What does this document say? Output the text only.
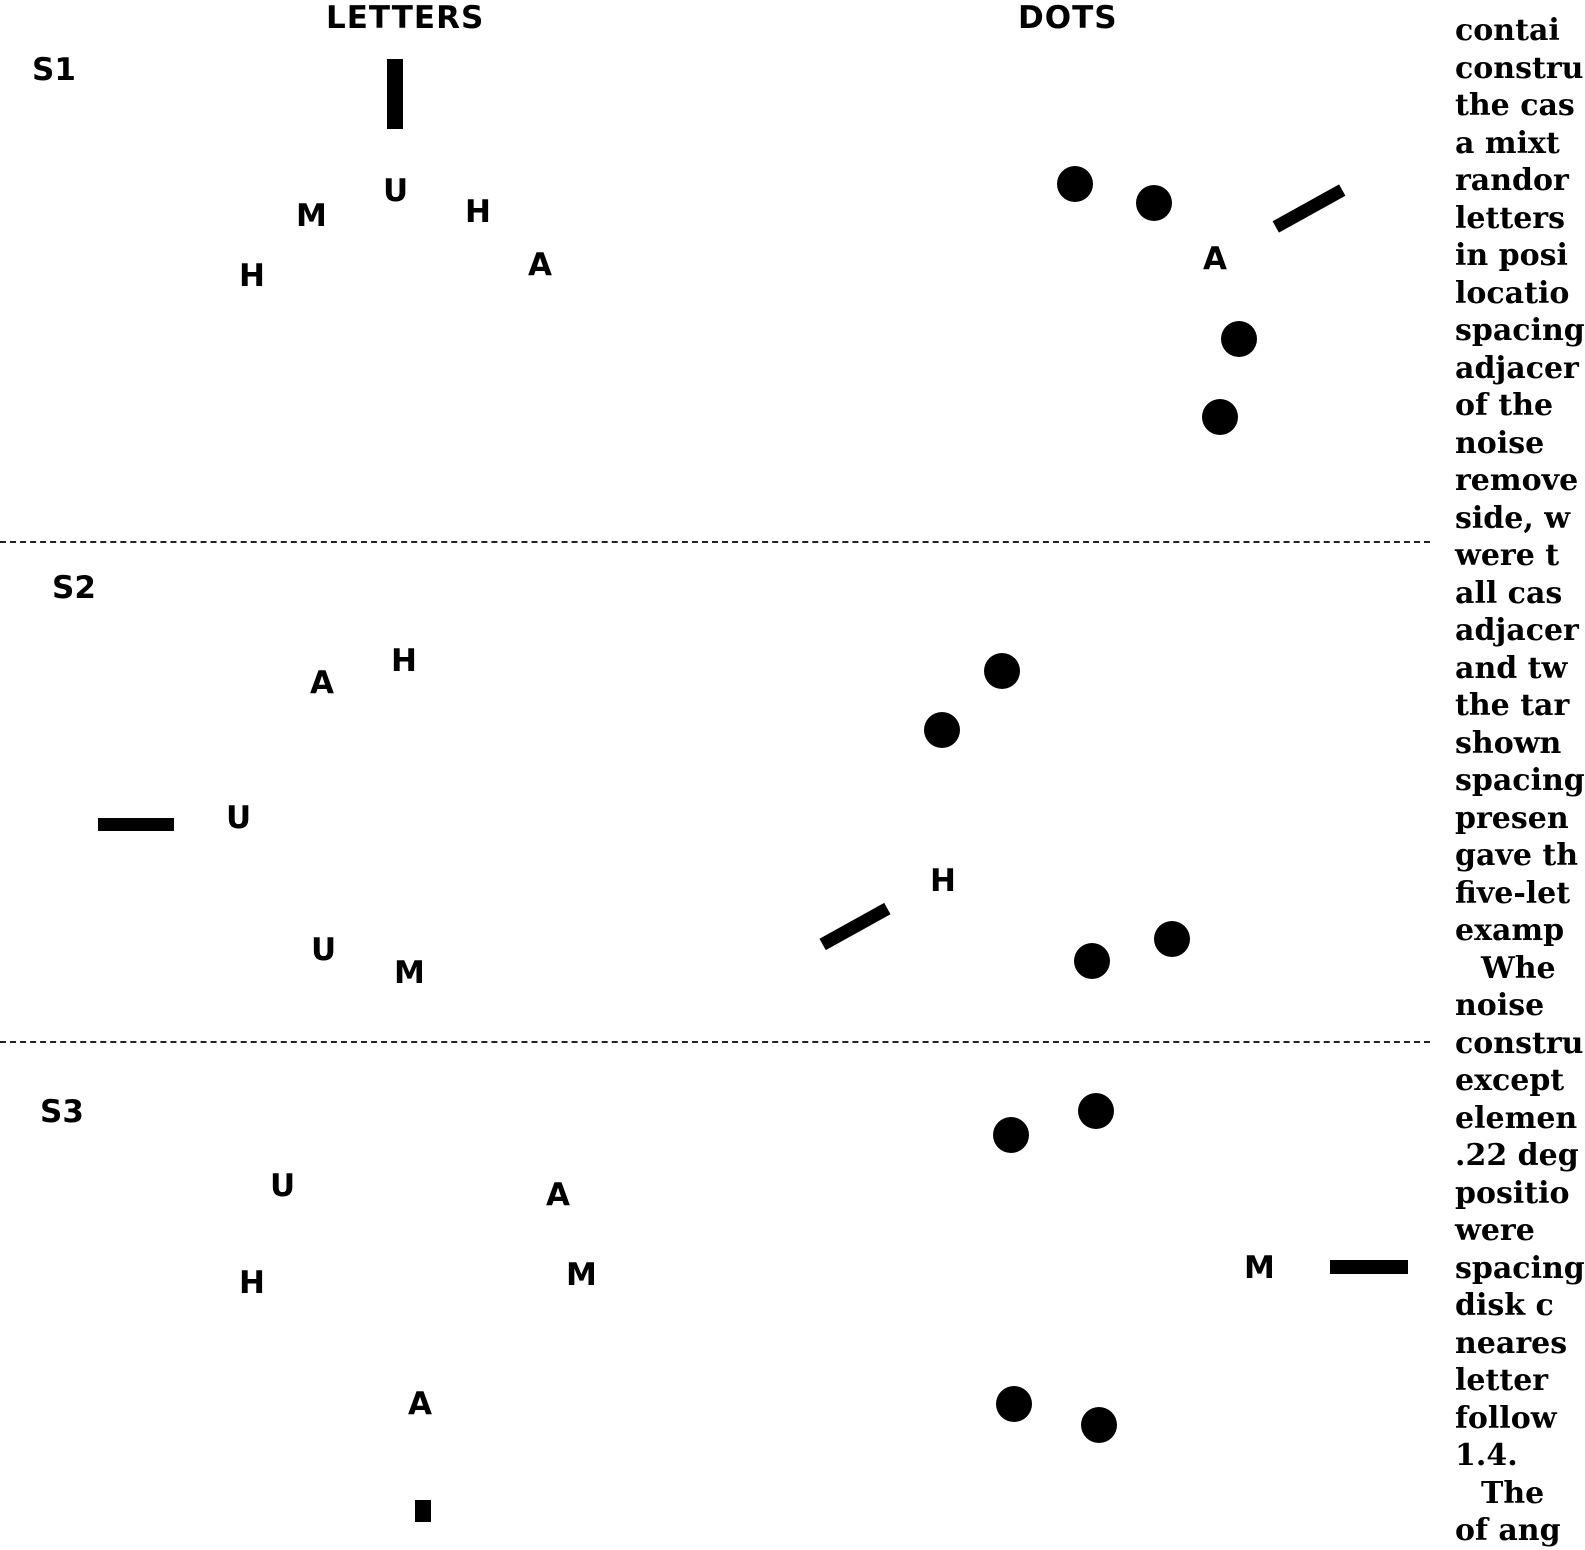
LETTERS	DOTS
S1
M
U
H
H	A	A
S2
A
H
U
U
M
H
S3
U	A
H	M
A
M
contai
constru
the cas
a mixt
randor
letters
in posi
locatio
spacing
adjacer
of the
noise
remove
side, w
were t
all cas
adjacer
and tw
the tar
shown
spacing
presen
gave th
five-let
examp
Whe
noise
constru
except
elemen
.22 deg
positio
were
spacing
disk c
neares
letter
follow
1.4.
The
of ang
